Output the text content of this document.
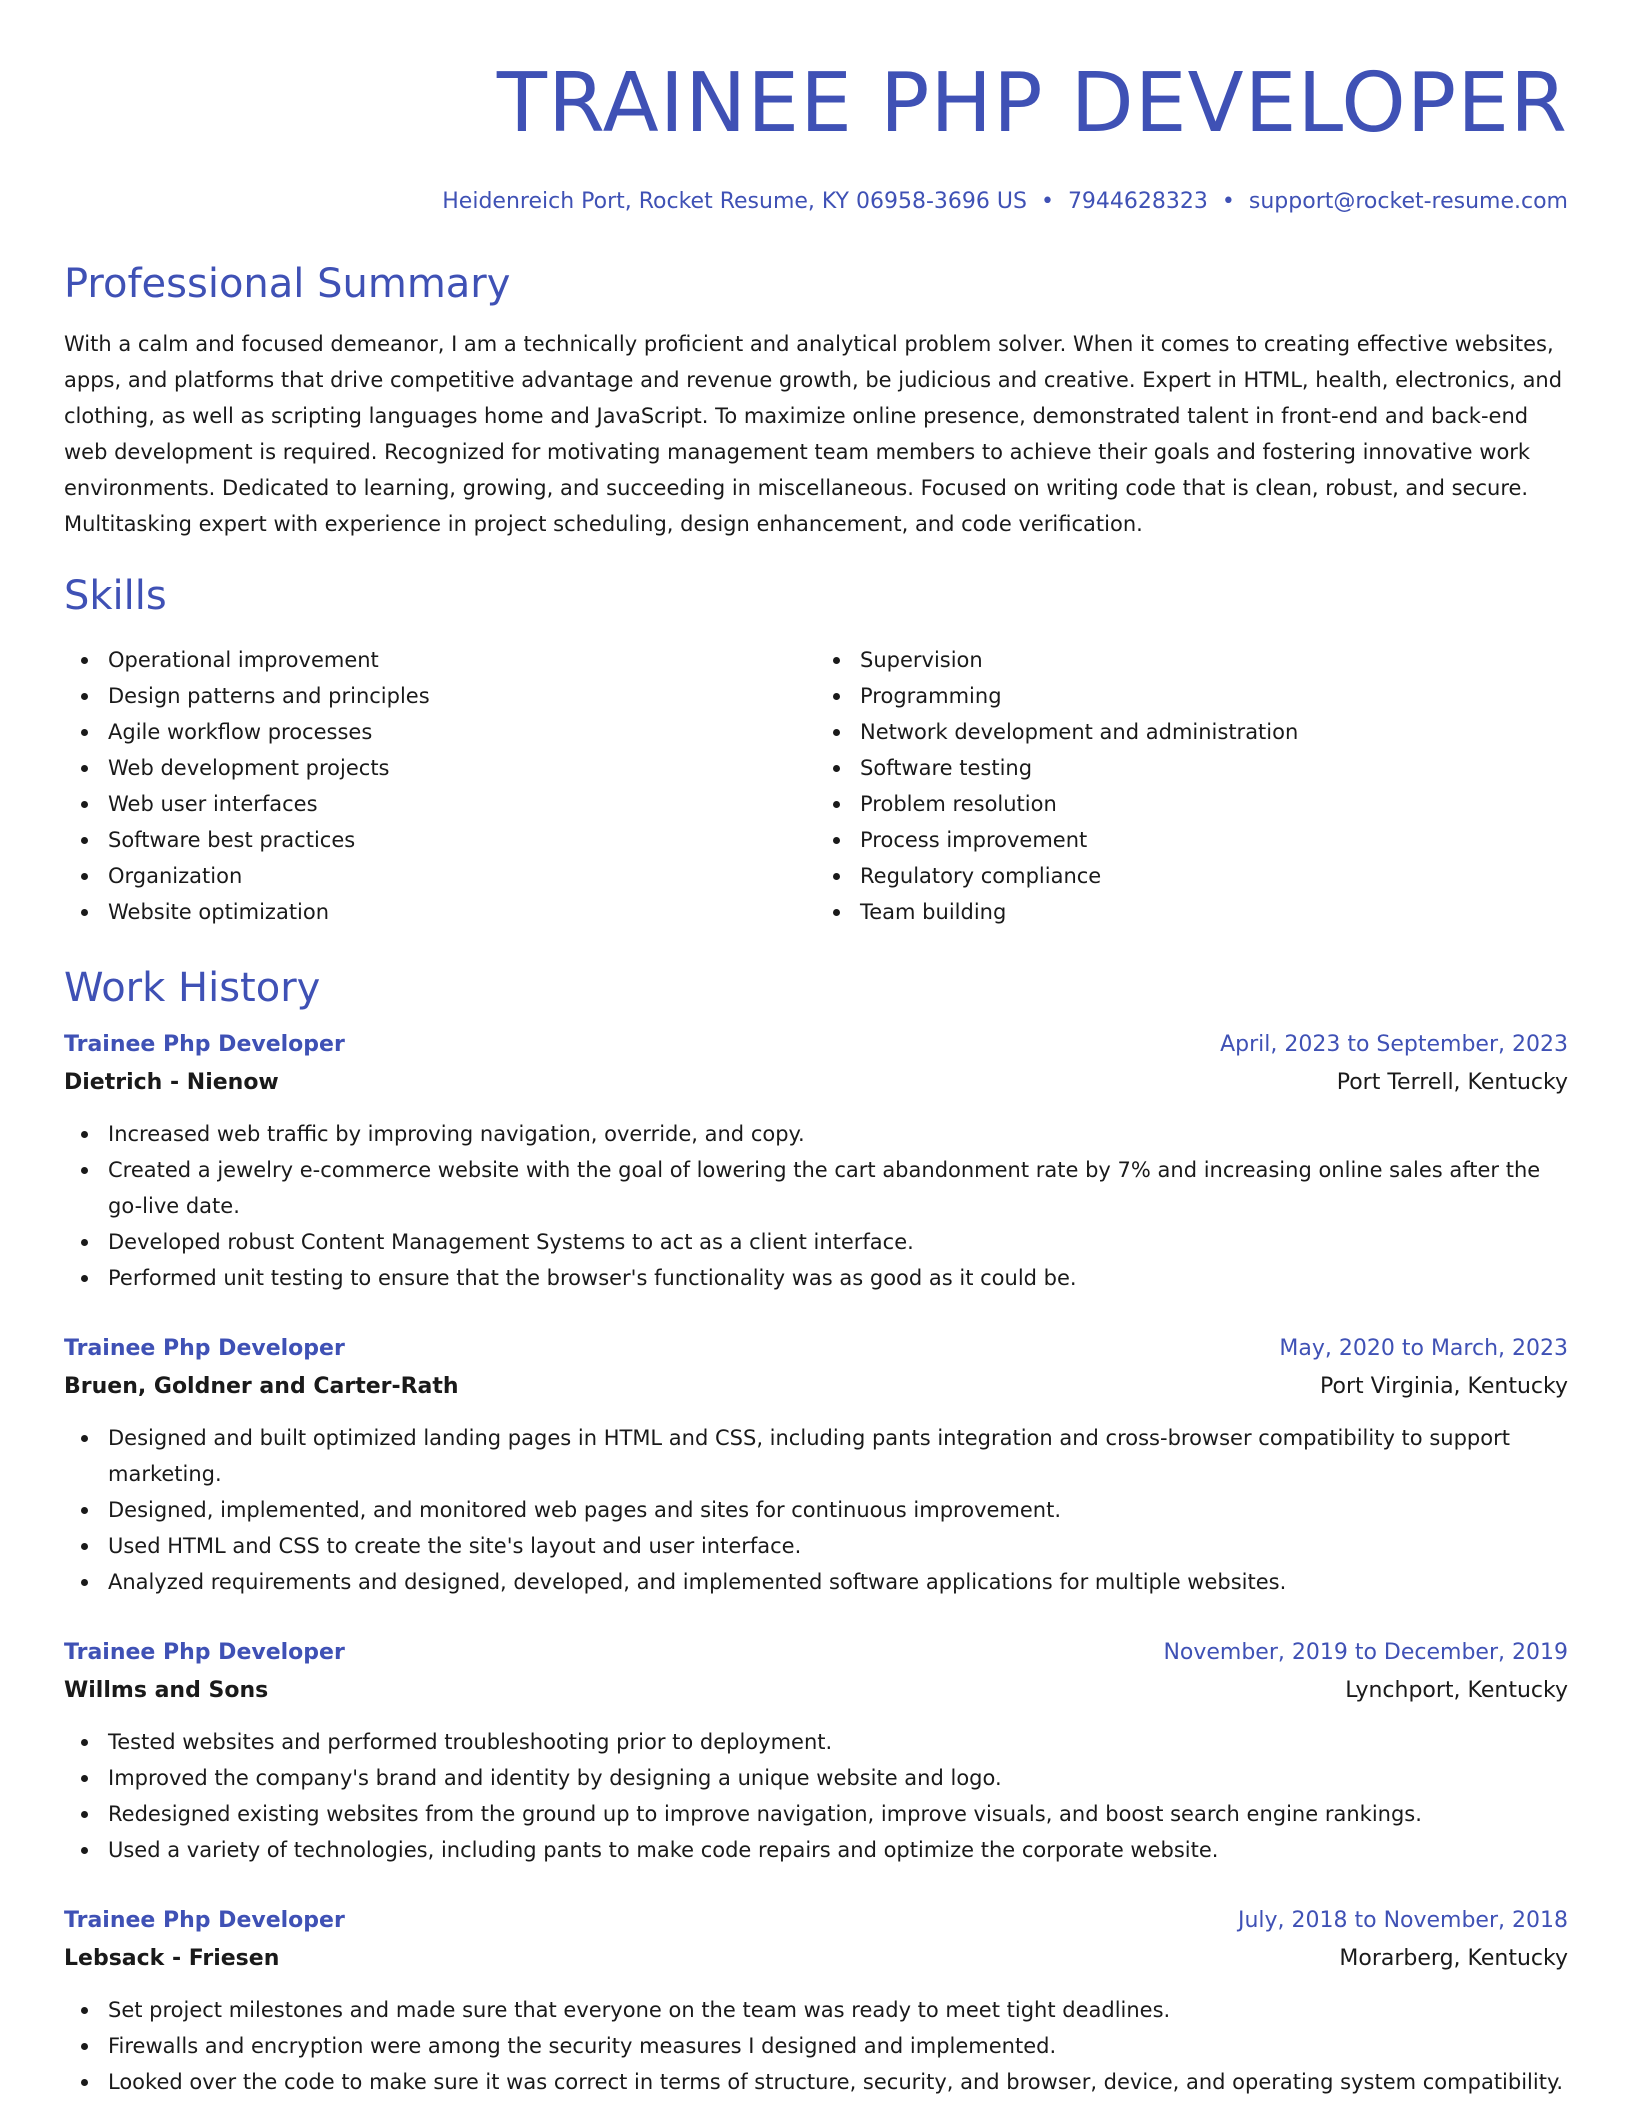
TRAINEE PHP DEVELOPER
Heidenreich Port, Rocket Resume, KY 06958-3696 US • 7944628323 • support@rocket-resume.com
Professional Summary

With a calm and focused demeanor, I am a technically proficient and analytical problem solver. When it comes to creating effective websites, apps, and platforms that drive competitive advantage and revenue growth, be judicious and creative. Expert in HTML, health, electronics, and clothing, as well as scripting languages home and JavaScript. To maximize online presence, demonstrated talent in front-end and back-end web development is required. Recognized for motivating management team members to achieve their goals and fostering innovative work environments. Dedicated to learning, growing, and succeeding in miscellaneous. Focused on writing code that is clean, robust, and secure. Multitasking expert with experience in project scheduling, design enhancement, and code verification.

Skills
Operational improvement
Design patterns and principles
Agile workflow processes
Web development projects
Web user interfaces
Software best practices
Organization
Website optimization
Supervision
Programming
Network development and administration
Software testing
Problem resolution
Process improvement
Regulatory compliance
Team building
Work History
Trainee Php Developer	April, 2023 to September, 2023
Dietrich - Nienow	Port Terrell, Kentucky
Increased web traffic by improving navigation, override, and copy.
Created a jewelry e-commerce website with the goal of lowering the cart abandonment rate by 7% and increasing online sales after the go-live date.
Developed robust Content Management Systems to act as a client interface.
Performed unit testing to ensure that the browser's functionality was as good as it could be.
Trainee Php Developer	May, 2020 to March, 2023
Bruen, Goldner and Carter-Rath	Port Virginia, Kentucky
Designed and built optimized landing pages in HTML and CSS, including pants integration and cross-browser compatibility to support marketing.
Designed, implemented, and monitored web pages and sites for continuous improvement.
Used HTML and CSS to create the site's layout and user interface.
Analyzed requirements and designed, developed, and implemented software applications for multiple websites.
Trainee Php Developer	November, 2019 to December, 2019
Willms and Sons	Lynchport, Kentucky
Tested websites and performed troubleshooting prior to deployment.
Improved the company's brand and identity by designing a unique website and logo.
Redesigned existing websites from the ground up to improve navigation, improve visuals, and boost search engine rankings.
Used a variety of technologies, including pants to make code repairs and optimize the corporate website.
Trainee Php Developer	July, 2018 to November, 2018
Lebsack - Friesen	Morarberg, Kentucky
Set project milestones and made sure that everyone on the team was ready to meet tight deadlines.
Firewalls and encryption were among the security measures I designed and implemented.
Looked over the code to make sure it was correct in terms of structure, security, and browser, device, and operating system compatibility.
